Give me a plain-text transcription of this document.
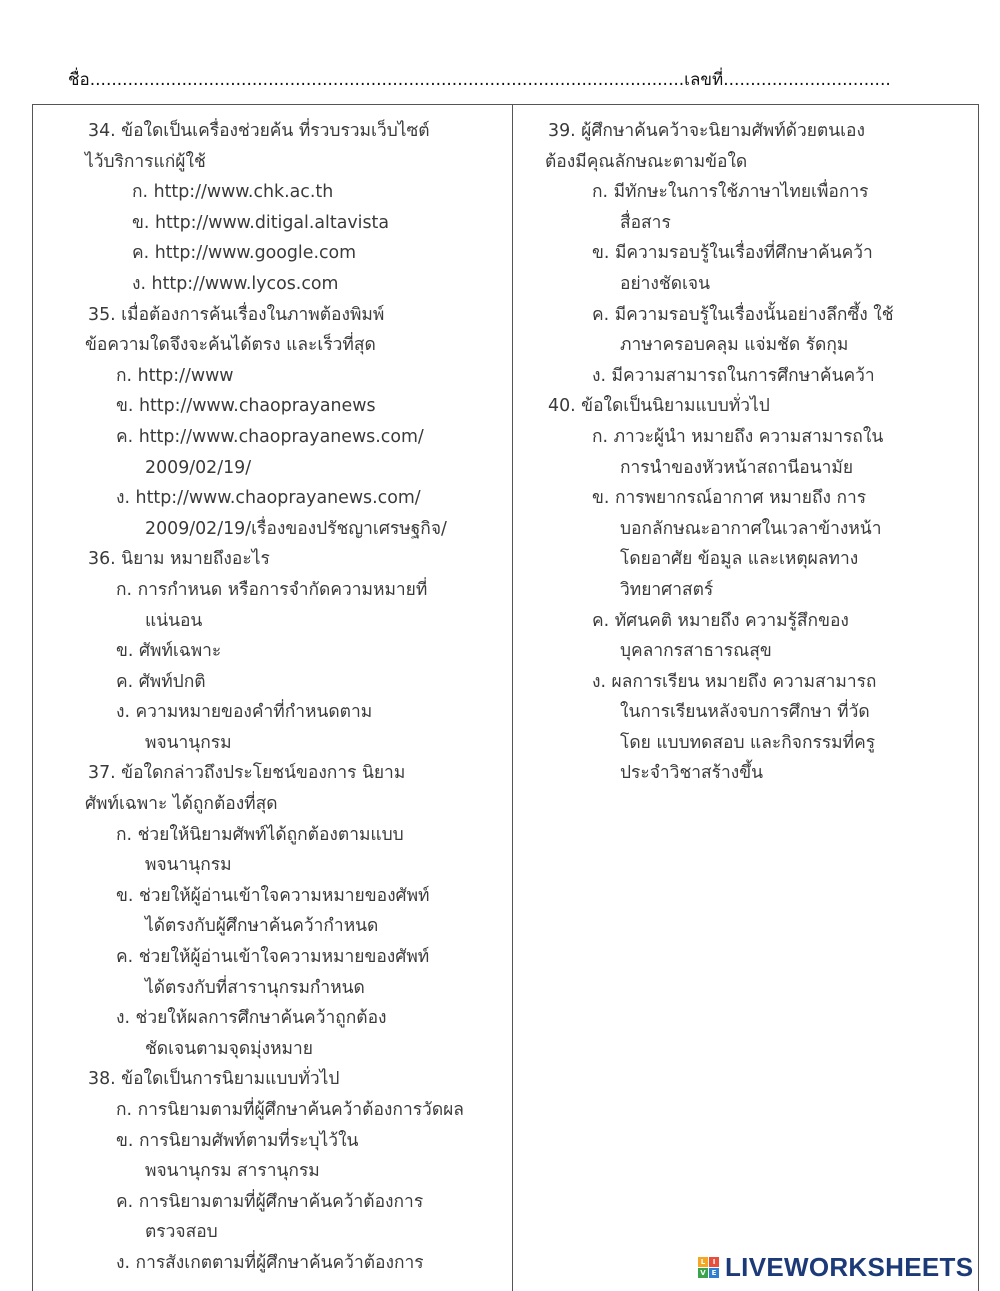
ชื่อ..............................................................................................................เลขที่...............................
34. ข้อใดเป็นเครื่องช่วยค้น ที่รวบรวมเว็บไซต์
ไว้บริการแก่ผู้ใช้
ก. http://www.chk.ac.th
ข. http://www.ditigal.altavista
ค. http://www.google.com
ง. http://www.lycos.com
35. เมื่อต้องการค้นเรื่องในภาพต้องพิมพ์
ข้อความใดจึงจะค้นได้ตรง และเร็วที่สุด
ก. http://www
ข. http://www.chaoprayanews
ค. http://www.chaoprayanews.com/
2009/02/19/
ง. http://www.chaoprayanews.com/
2009/02/19/เรื่องของปรัชญาเศรษฐกิจ/
36. นิยาม หมายถึงอะไร
ก. การกำหนด หรือการจำกัดความหมายที่
แน่นอน
ข. ศัพท์เฉพาะ
ค. ศัพท์ปกติ
ง. ความหมายของคำที่กำหนดตาม
พจนานุกรม
37. ข้อใดกล่าวถึงประโยชน์ของการ นิยาม
ศัพท์เฉพาะ ได้ถูกต้องที่สุด
ก. ช่วยให้นิยามศัพท์ได้ถูกต้องตามแบบ
พจนานุกรม
ข. ช่วยให้ผู้อ่านเข้าใจความหมายของศัพท์
ได้ตรงกับผู้ศึกษาค้นคว้ากำหนด
ค. ช่วยให้ผู้อ่านเข้าใจความหมายของศัพท์
ได้ตรงกับที่สารานุกรมกำหนด
ง. ช่วยให้ผลการศึกษาค้นคว้าถูกต้อง
ชัดเจนตามจุดมุ่งหมาย
38. ข้อใดเป็นการนิยามแบบทั่วไป
ก. การนิยามตามที่ผู้ศึกษาค้นคว้าต้องการวัดผล
ข. การนิยามศัพท์ตามที่ระบุไว้ใน
พจนานุกรม สารานุกรม
ค. การนิยามตามที่ผู้ศึกษาค้นคว้าต้องการ
ตรวจสอบ
ง. การสังเกตตามที่ผู้ศึกษาค้นคว้าต้องการ
39. ผู้ศึกษาค้นคว้าจะนิยามศัพท์ด้วยตนเอง
ต้องมีคุณลักษณะตามข้อใด
ก. มีทักษะในการใช้ภาษาไทยเพื่อการ
สื่อสาร
ข. มีความรอบรู้ในเรื่องที่ศึกษาค้นคว้า
อย่างชัดเจน
ค. มีความรอบรู้ในเรื่องนั้นอย่างลึกซึ้ง ใช้
ภาษาครอบคลุม แจ่มชัด รัดกุม
ง. มีความสามารถในการศึกษาค้นคว้า
40. ข้อใดเป็นนิยามแบบทั่วไป
ก. ภาวะผู้นำ หมายถึง ความสามารถใน
การนำของหัวหน้าสถานีอนามัย
ข. การพยากรณ์อากาศ หมายถึง การ
บอกลักษณะอากาศในเวลาข้างหน้า
โดยอาศัย ข้อมูล และเหตุผลทาง
วิทยาศาสตร์
ค. ทัศนคติ หมายถึง ความรู้สึกของ
บุคลากรสาธารณสุข
ง. ผลการเรียน หมายถึง ความสามารถ
ในการเรียนหลังจบการศึกษา ที่วัด
โดย แบบทดสอบ และกิจกรรมที่ครู
ประจำวิชาสร้างขึ้น
L	I
V E LIVEWORKSHEETS
